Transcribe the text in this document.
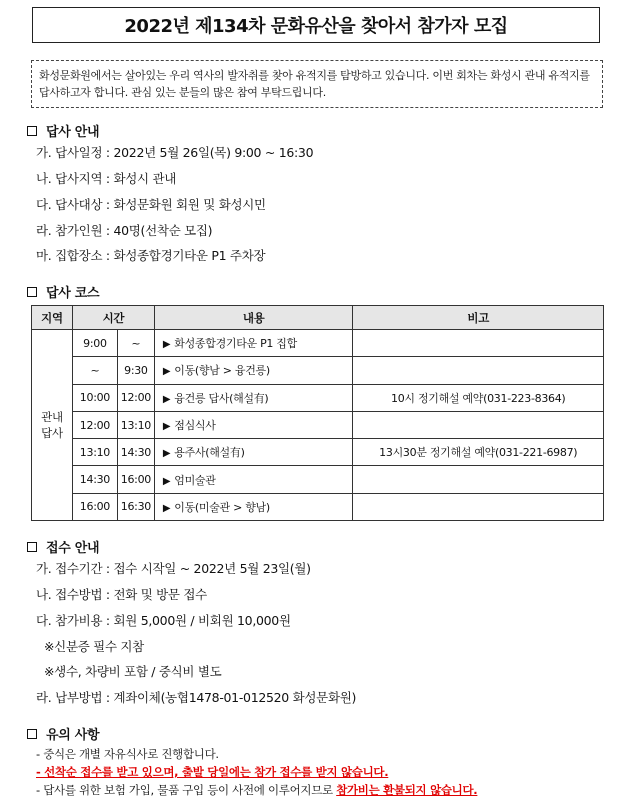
2022년 제134차 문화유산을 찾아서 참가자 모집
화성문화원에서는 살아있는 우리 역사의 발자취를 찾아 유적지를 탐방하고 있습니다. 이번 회차는 화성시 관내 유적지를 답사하고자 합니다. 관심 있는 분들의 많은 참여 부탁드립니다.
답사 안내
가. 답사일정 : 2022년 5월 26일(목) 9:00 ~ 16:30
나. 답사지역 : 화성시 관내
다. 답사대상 : 화성문화원 회원 및 화성시민
라. 참가인원 : 40명(선착순 모집)
마. 집합장소 : 화성종합경기타운 P1 주차장
답사 코스
지역	시간		내용	비고
관내
답사	9:00	~	▶ 화성종합경기타운 P1 집합	
	~	9:30	▶ 이동(향남 > 융건릉)	
	10:00	12:00	▶ 융건릉 답사(해설有)	10시 정기해설 예약(031-223-8364)
	12:00	13:10	▶ 점심식사	
	13:10	14:30	▶ 용주사(해설有)	13시30분 정기해설 예약(031-221-6987)
	14:30	16:00	▶ 엄미술관	
	16:00	16:30	▶ 이동(미술관 > 향남)	
접수 안내
가. 접수기간 : 접수 시작일 ~ 2022년 5월 23일(월)
나. 접수방법 : 전화 및 방문 접수
다. 참가비용 : 회원 5,000원 / 비회원 10,000원
※신분증 필수 지참
※생수, 차량비 포함 / 중식비 별도
라. 납부방법 : 계좌이체(농협1478-01-012520 화성문화원)
유의 사항
- 중식은 개별 자유식사로 진행합니다.
- 선착순 접수를 받고 있으며, 출발 당일에는 참가 접수를 받지 않습니다.
- 답사를 위한 보험 가입, 물품 구입 등이 사전에 이루어지므로 참가비는 환불되지 않습니다.
